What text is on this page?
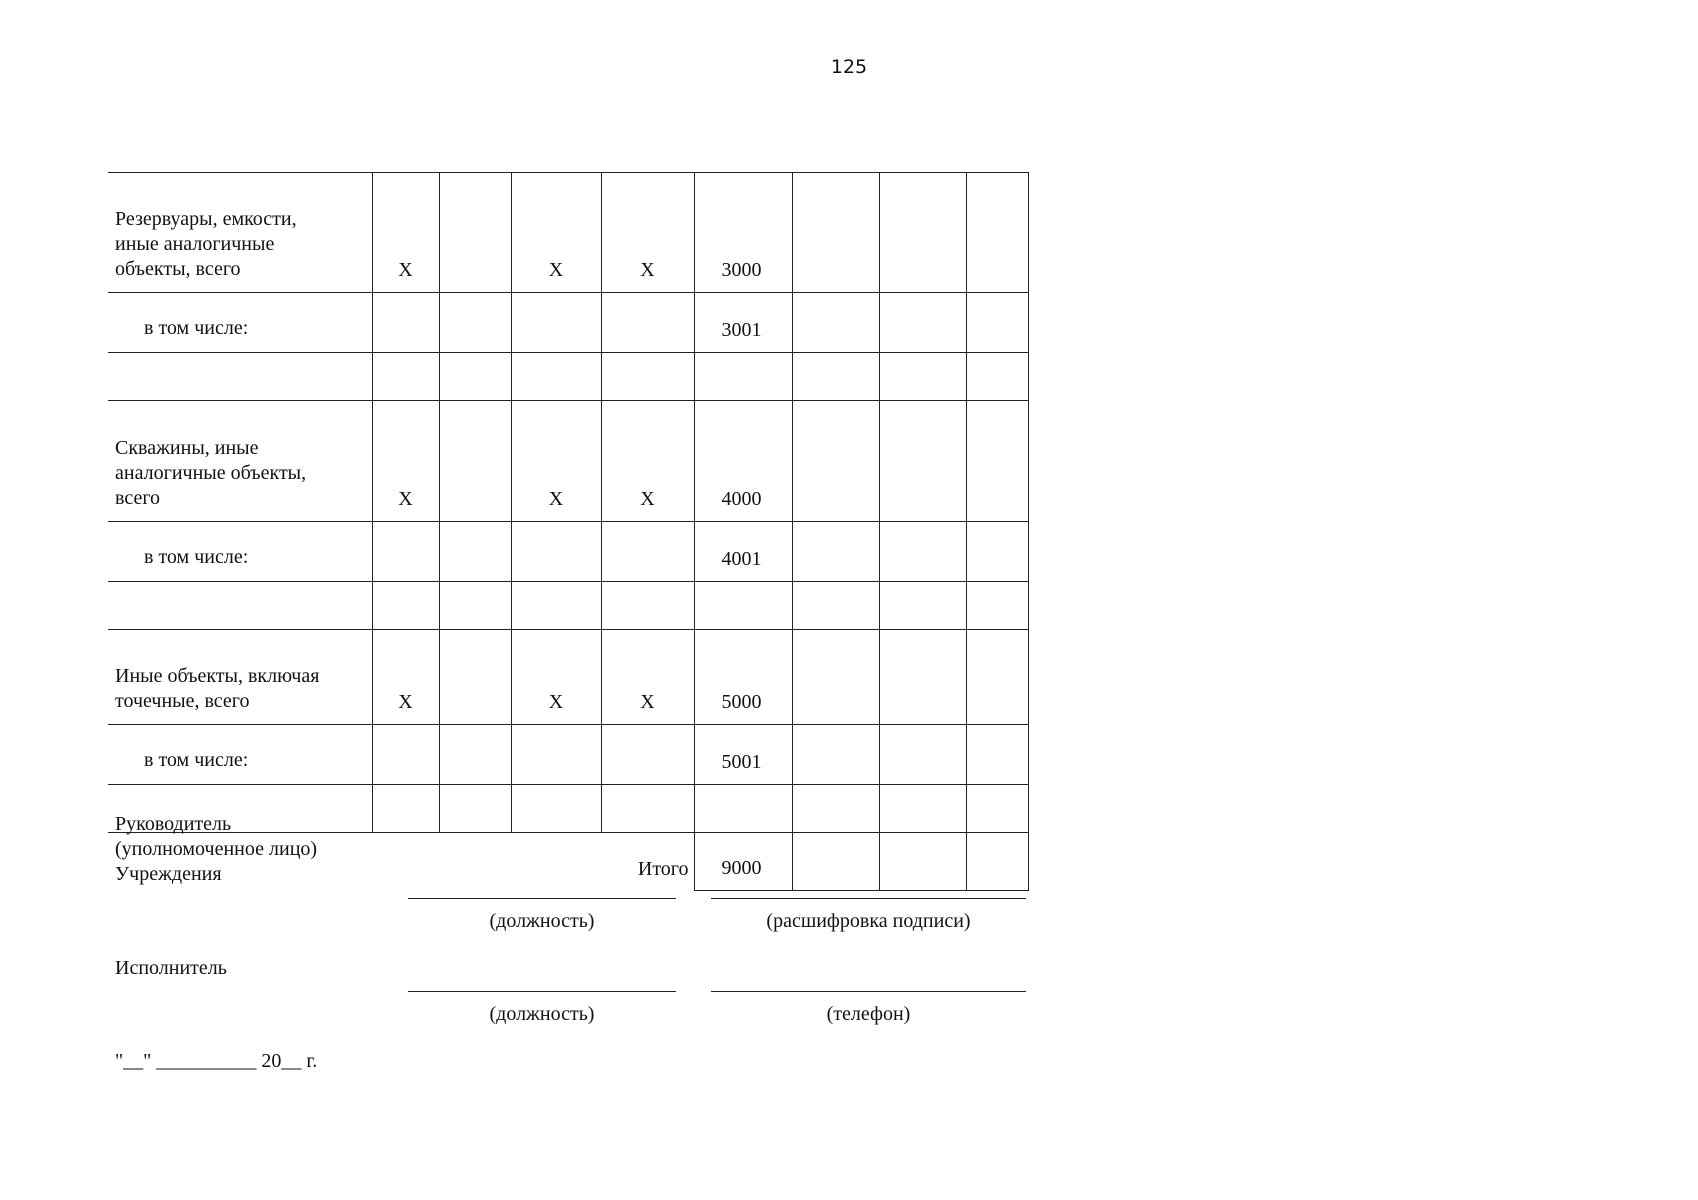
125
Резервуары, емкости,
иные аналогичные
объекты, всего	Х		Х	Х	3000			
в том числе:					3001			

Скважины, иные
аналогичные объекты,
всего	Х		Х	Х	4000			
в том числе:					4001			

Иные объекты, включая
точечные, всего	Х		Х	Х	5000			
в том числе:					5001			

Итого					9000			
Руководитель
(уполномоченное лицо)
Учреждения
(должность)	(расшифровка подписи)
Исполнитель
(должность)	(телефон)
"__" __________ 20__ г.
